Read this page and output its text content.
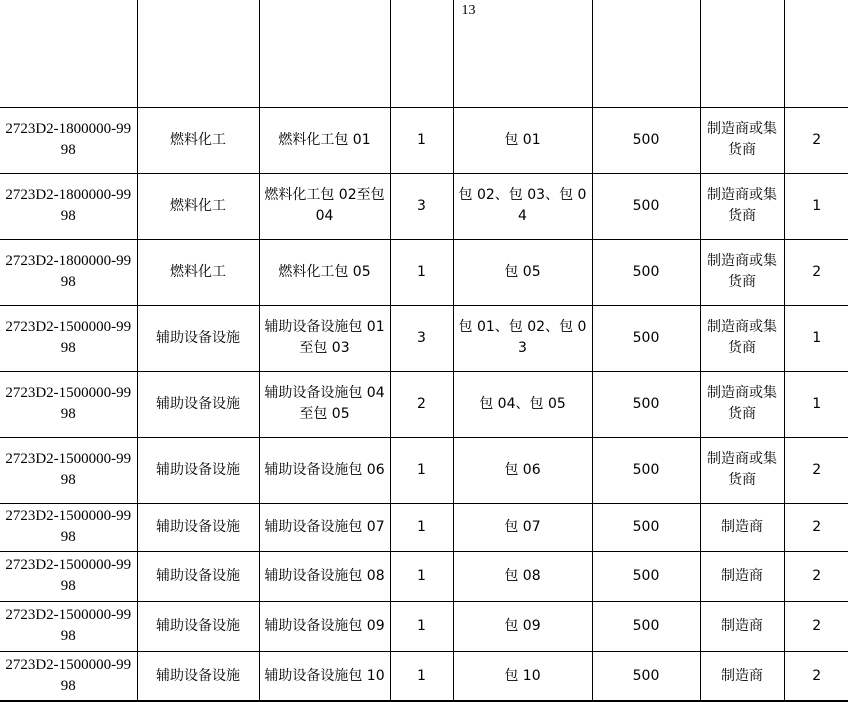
				13			
2723D2-1800000-9998	燃料化工	燃料化工包 01	1	包 01	500	制造商或集货商	2
2723D2-1800000-9998	燃料化工	燃料化工包 02至包 04	3	包 02、包 03、包 04	500	制造商或集货商	1
2723D2-1800000-9998	燃料化工	燃料化工包 05	1	包 05	500	制造商或集货商	2
2723D2-1500000-9998	辅助设备设施	辅助设备设施包 01至包 03	3	包 01、包 02、包 03	500	制造商或集货商	1
2723D2-1500000-9998	辅助设备设施	辅助设备设施包 04至包 05	2	包 04、包 05	500	制造商或集货商	1
2723D2-1500000-9998	辅助设备设施	辅助设备设施包 06	1	包 06	500	制造商或集货商	2
2723D2-1500000-9998	辅助设备设施	辅助设备设施包 07	1	包 07	500	制造商	2
2723D2-1500000-9998	辅助设备设施	辅助设备设施包 08	1	包 08	500	制造商	2
2723D2-1500000-9998	辅助设备设施	辅助设备设施包 09	1	包 09	500	制造商	2
2723D2-1500000-9998	辅助设备设施	辅助设备设施包 10	1	包 10	500	制造商	2
